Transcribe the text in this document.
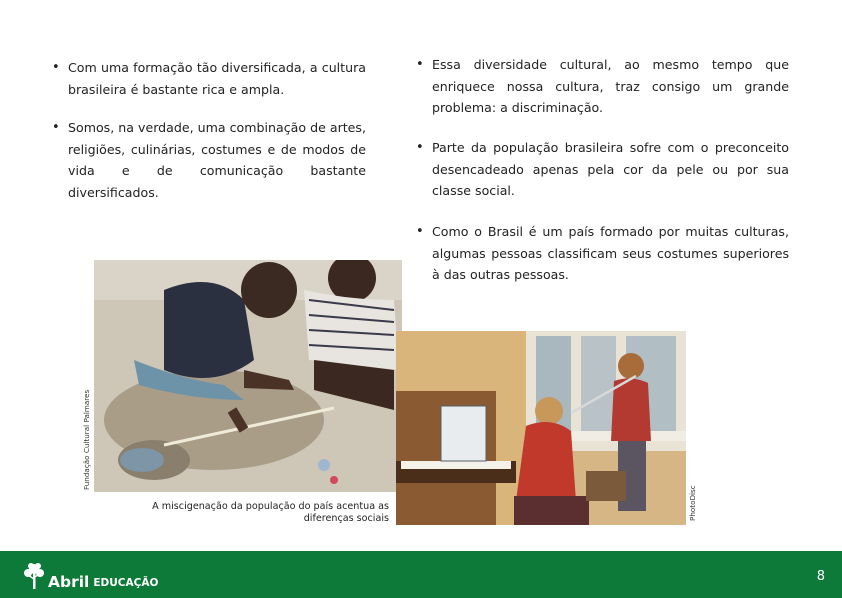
• Com uma formação tão diversificada, a cultura brasileira é bastante rica e ampla.
• Somos, na verdade, uma combinação de artes, religiões, culinárias, costumes e de modos de vida e de comunicação bastante diversificados.
• Essa diversidade cultural, ao mesmo tempo que enriquece nossa cultura, traz consigo um grande problema: a discriminação.
• Parte da população brasileira sofre com o preconceito desencadeado apenas pela cor da pele ou por sua classe social.
• Como o Brasil é um país formado por muitas culturas, algumas pessoas classificam seus costumes superiores à das outras pessoas.
Fundação Cultural Palmares
PhotoDisc
A miscigenação da população do país acentua as diferenças sociais
Abril EDUCAÇÃO	8
